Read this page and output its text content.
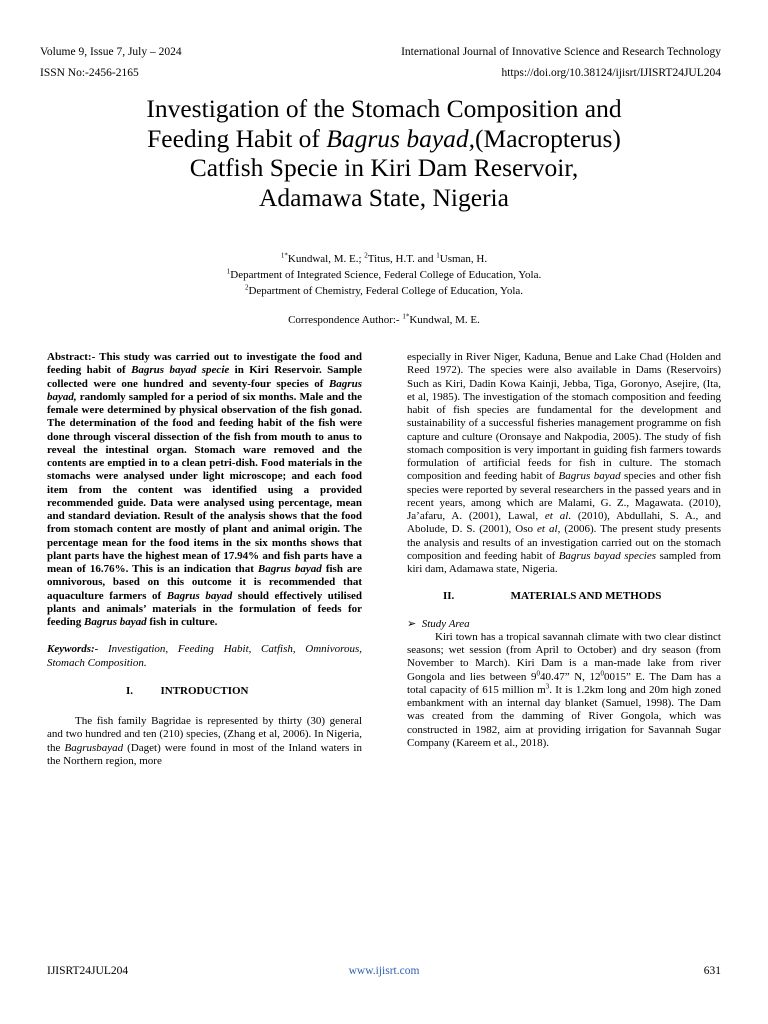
Volume 9, Issue 7, July – 2024	International Journal of Innovative Science and Research Technology
ISSN No:-2456-2165	https://doi.org/10.38124/ijisrt/IJISRT24JUL204
Investigation of the Stomach Composition and
Feeding Habit of Bagrus bayad,(Macropterus)
Catfish Specie in Kiri Dam Reservoir,
Adamawa State, Nigeria
$^{1*}$Kundwal, M. E.; $^2$Titus, H.T. and $^1$Usman, H.
$^1$Department of Integrated Science, Federal College of Education, Yola.
$^2$Department of Chemistry, Federal College of Education, Yola.
Correspondence Author:- $^{1*}$Kundwal, M. E.

Abstract:- This study was carried out to investigate the food and feeding habit of Bagrus bayad specie in Kiri Reservoir. Sample collected were one hundred and seventy-four species of Bagrus bayad, randomly sampled for a period of six months. Male and the female were determined by physical observation of the fish gonad. The determination of the food and feeding habit of the fish were done through visceral dissection of the fish from mouth to anus to reveal the intestinal organ. Stomach ware removed and the contents are emptied in to a clean petri-dish. Food materials in the stomachs were analysed under light microscope; and each food item from the content was identified using a provided recommended guide. Data were analysed using percentage, mean and standard deviation. Result of the analysis shows that the food from stomach content are mostly of plant and animal origin. The percentage mean for the food items in the six months shows that plant parts have the highest mean of 17.94% and fish parts have a mean of 16.76%. This is an indication that Bagrus bayad fish are omnivorous, based on this outcome it is recommended that aquaculture farmers of Bagrus bayad should effectively utilised plants and animals’ materials in the formulation of feeds for feeding Bagrus bayad fish in culture.

Keywords:- Investigation, Feeding Habit, Catfish, Omnivorous, Stomach Composition.

I. INTRODUCTION

The fish family Bagridae is represented by thirty (30) general and two hundred and ten (210) species, (Zhang et al, 2006). In Nigeria, the Bagrusbayad (Daget) were found in most of the Inland waters in the Northern region, more

especially in River Niger, Kaduna, Benue and Lake Chad (Holden and Reed 1972). The species were also available in Dams (Reservoirs) Such as Kiri, Dadin Kowa Kainji, Jebba, Tiga, Goronyo, Asejire, (Ita, et al, 1985). The investigation of the stomach composition and feeding habit of fish species are fundamental for the development and sustainability of a successful fisheries management programme on fish capture and culture (Oronsaye and Nakpodia, 2005). The study of fish stomach composition is very important in guiding fish farmers towards formulation of artificial feeds for fish in culture. The stomach composition and feeding habit of Bagrus bayad species and other fish species were reported by several researchers in the passed years and in recent years, among which are Malami, G. Z., Magawata. (2010), Ja’afaru, A. (2001), Lawal, et al. (2010), Abdullahi, S. A., and Abolude, D. S. (2001), Oso et al, (2006). The present study presents the analysis and results of an investigation carried out on the stomach composition and feeding habit of Bagrus bayad species sampled from kiri dam, Adamawa state, Nigeria.

II.	MATERIALS AND METHODS

➢ Study Area

Kiri town has a tropical savannah climate with two clear distinct seasons; wet session (from April to October) and dry season (from November to March). Kiri Dam is a man-made lake from river Gongola and lies between $9^040.47$” N, $12^00015$” E. The Dam has a total capacity of 615 million $m^3$. It is 1.2km long and 20m high zoned embankment with an internal day blanket (Samuel, 1998). The Dam was created from the damming of River Gongola, which was constructed in 1982, aim at providing irrigation for Savannah Sugar Company (Kareem et al., 2018).

IJISRT24JUL204	www.ijisrt.com	631
